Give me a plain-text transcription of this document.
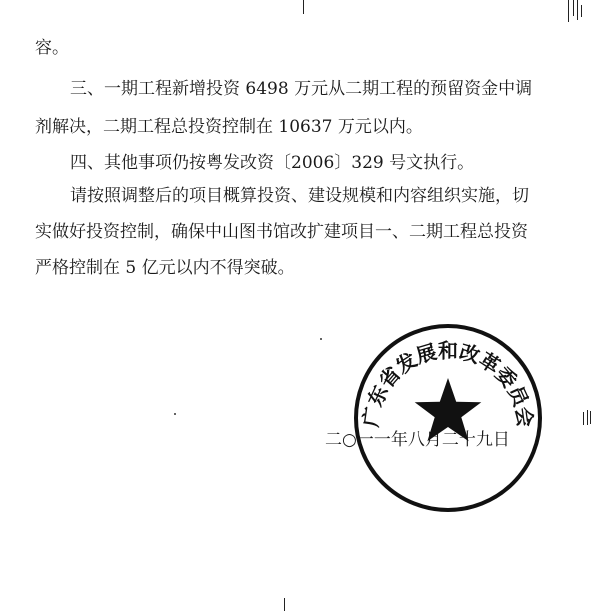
容。
三、一期工程新增投资 6498 万元从二期工程的预留资金中调
剂解决，二期工程总投资控制在 10637 万元以内。
四、其他事项仍按粤发改资〔2006〕329 号文执行。
请按照调整后的项目概算投资、建设规模和内容组织实施，切
实做好投资控制，确保中山图书馆改扩建项目一、二期工程总投资
严格控制在 5 亿元以内不得突破。
二○一一年八月二十九日
广东省发展和改革委员会
